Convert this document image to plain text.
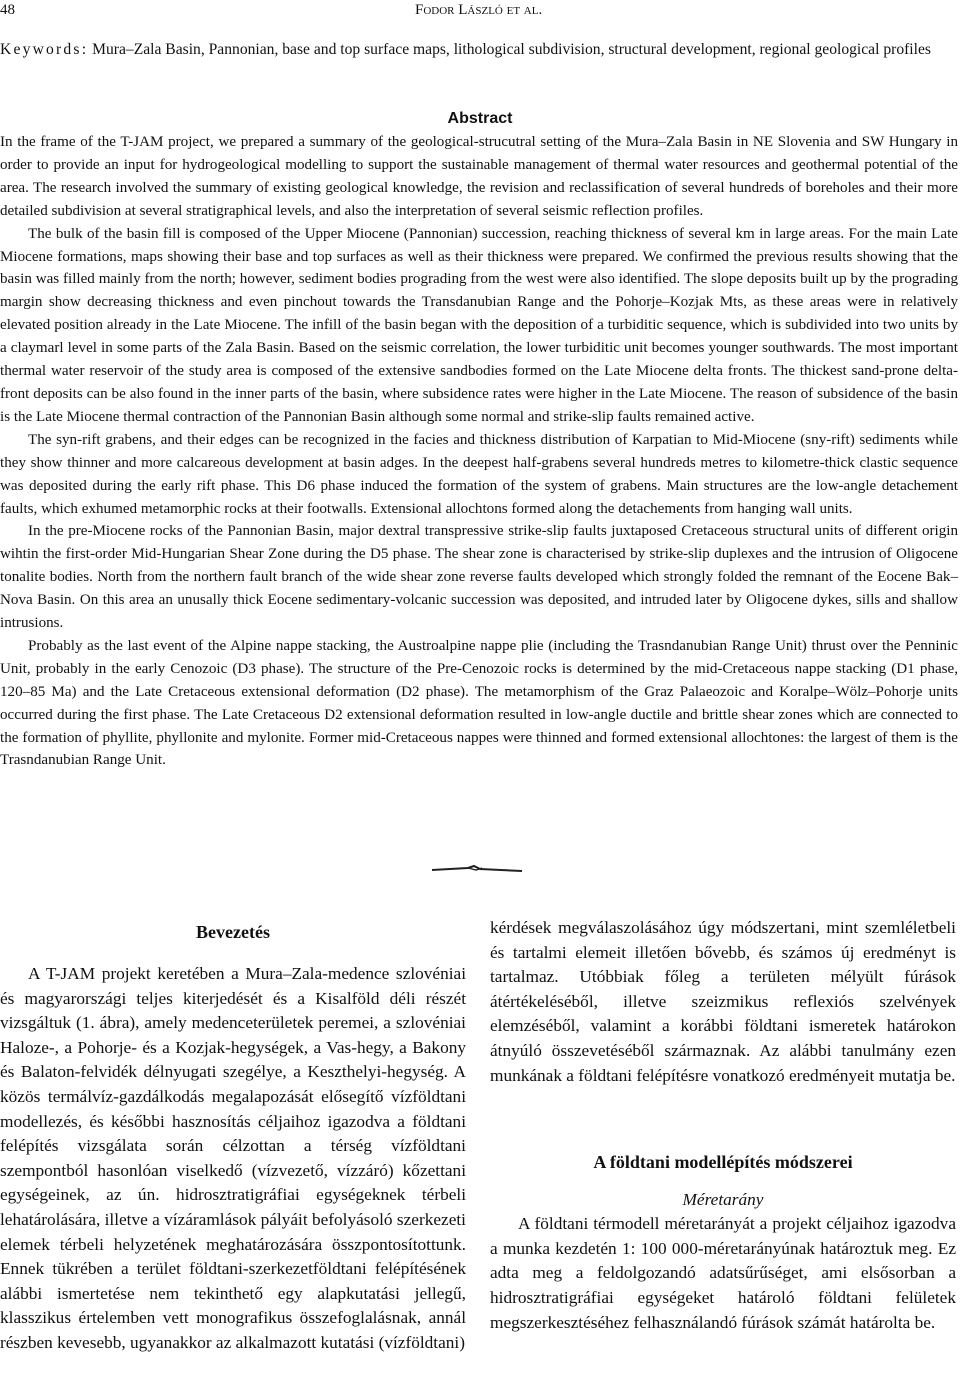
48	Fodor László et al.
Keywords: Mura–Zala Basin, Pannonian, base and top surface maps, lithological subdivision, structural development, regional geological profiles
Abstract

In the frame of the T-JAM project, we prepared a summary of the geological-strucutral setting of the Mura–Zala Basin in NE Slovenia and SW Hungary in order to provide an input for hydrogeological modelling to support the sustainable management of thermal water resources and geothermal potential of the area. The research involved the summary of existing geological knowledge, the revision and reclassification of several hundreds of boreholes and their more detailed subdivision at several stratigraphical levels, and also the interpretation of several seismic reflection profiles.

The bulk of the basin fill is composed of the Upper Miocene (Pannonian) succession, reaching thickness of several km in large areas. For the main Late Miocene formations, maps showing their base and top surfaces as well as their thickness were prepared. We confirmed the previous results showing that the basin was filled mainly from the north; however, sediment bodies prograding from the west were also identified. The slope deposits built up by the prograding margin show decreasing thickness and even pinchout towards the Transdanubian Range and the Pohorje–Kozjak Mts, as these areas were in relatively elevated position already in the Late Miocene. The infill of the basin began with the deposition of a turbiditic sequence, which is subdivided into two units by a claymarl level in some parts of the Zala Basin. Based on the seismic correlation, the lower turbiditic unit becomes younger southwards. The most important thermal water reservoir of the study area is composed of the extensive sandbodies formed on the Late Miocene delta fronts. The thickest sand-prone delta-front deposits can be also found in the inner parts of the basin, where subsidence rates were higher in the Late Miocene. The reason of subsidence of the basin is the Late Miocene thermal contraction of the Pannonian Basin although some normal and strike-slip faults remained active.

The syn-rift grabens, and their edges can be recognized in the facies and thickness distribution of Karpatian to Mid-Miocene (sny-rift) sediments while they show thinner and more calcareous development at basin adges. In the deepest half-grabens several hundreds metres to kilometre-thick clastic sequence was deposited during the early rift phase. This D6 phase induced the formation of the system of grabens. Main structures are the low-angle detachement faults, which exhumed metamorphic rocks at their footwalls. Extensional allochtons formed along the detachements from hanging wall units.

In the pre-Miocene rocks of the Pannonian Basin, major dextral transpressive strike-slip faults juxtaposed Cretaceous structural units of different origin wihtin the first-order Mid-Hungarian Shear Zone during the D5 phase. The shear zone is characterised by strike-slip duplexes and the intrusion of Oligocene tonalite bodies. North from the northern fault branch of the wide shear zone reverse faults developed which strongly folded the remnant of the Eocene Bak–Nova Basin. On this area an unusally thick Eocene sedimentary-volcanic succession was deposited, and intruded later by Oligocene dykes, sills and shallow intrusions.

Probably as the last event of the Alpine nappe stacking, the Austroalpine nappe plie (including the Trasndanubian Range Unit) thrust over the Penninic Unit, probably in the early Cenozoic (D3 phase). The structure of the Pre-Cenozoic rocks is determined by the mid-Cretaceous nappe stacking (D1 phase, 120–85 Ma) and the Late Cretaceous extensional deformation (D2 phase). The metamorphism of the Graz Palaeozoic and Koralpe–Wölz–Pohorje units occurred during the first phase. The Late Cretaceous D2 extensional deformation resulted in low-angle ductile and brittle shear zones which are connected to the formation of phyllite, phyllonite and mylonite. Former mid-Cretaceous nappes were thinned and formed extensional allochtones: the largest of them is the Trasndanubian Range Unit.

Bevezetés

A T-JAM projekt keretében a Mura–Zala-medence szlovéniai és magyarországi teljes kiterjedését és a Kisalföld déli részét vizsgáltuk (1. ábra), amely medenceterületek peremei, a szlovéniai Haloze-, a Pohorje- és a Kozjak-hegységek, a Vas-hegy, a Bakony és Balaton-felvidék délnyugati szegélye, a Keszthelyi-hegység. A közös termálvíz-gazdálkodás megalapozását elősegítő vízföldtani modellezés, és későbbi hasznosítás céljaihoz igazodva a földtani felépítés vizsgálata során célzottan a térség vízföldtani szempontból hasonlóan viselkedő (vízvezető, vízzáró) kőzettani egységeinek, az ún. hidrosztratigráfiai egységeknek térbeli lehatárolására, illetve a vízáramlások pályáit befolyásoló szerkezeti elemek térbeli helyzetének meghatározására összpontosítottunk. Ennek tükrében a terület földtani-szerkezetföldtani felépítésének alábbi ismertetése nem tekinthető egy alapkutatási jellegű, klasszikus értelemben vett monografikus összefoglalásnak, annál részben kevesebb, ugyanakkor az alkalmazott kutatási (vízföldtani)

kérdések megválaszolásához úgy módszertani, mint szemléletbeli és tartalmi elemeit illetően bővebb, és számos új eredményt is tartalmaz. Utóbbiak főleg a területen mélyült fúrások átértékeléséből, illetve szeizmikus reflexiós szelvények elemzéséből, valamint a korábbi földtani ismeretek határokon átnyúló összevetéséből származnak. Az alábbi tanulmány ezen munkának a földtani felépítésre vonatkozó eredményeit mutatja be.

A földtani modellépítés módszerei

Méretarány

A földtani térmodell méretarányát a projekt céljaihoz igazodva a munka kezdetén 1: 100 000-méretarányúnak határoztuk meg. Ez adta meg a feldolgozandó adatsűrűséget, ami elsősorban a hidrosztratigráfiai egységeket határoló földtani felületek megszerkesztéséhez felhasználandó fúrások számát határolta be.
